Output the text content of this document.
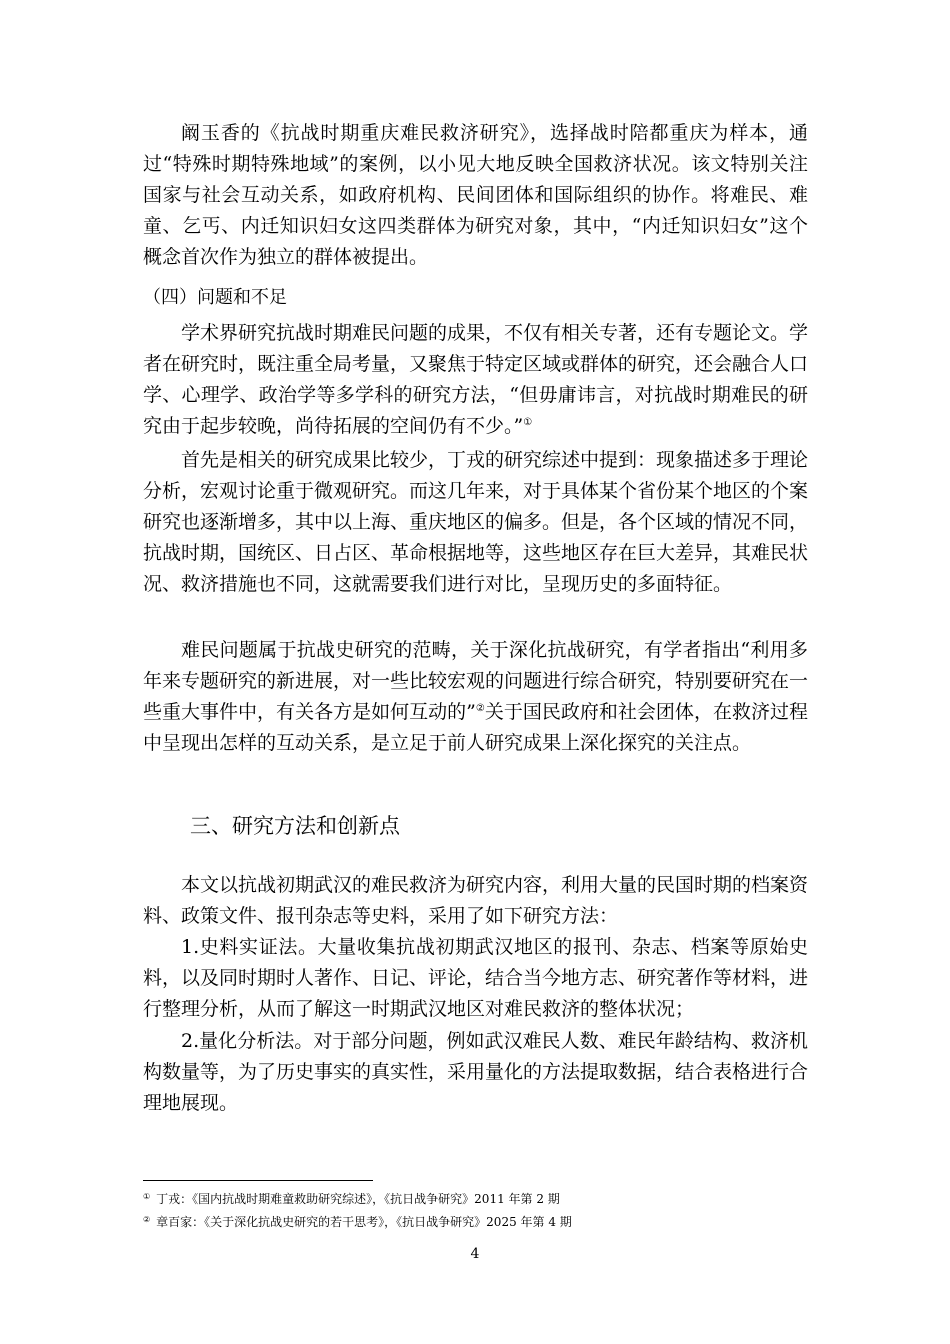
阚玉香的《抗战时期重庆难民救济研究》，选择战时陪都重庆为样本，通过“特殊时期特殊地域”的案例，以小见大地反映全国救济状况。该文特别关注国家与社会互动关系，如政府机构、民间团体和国际组织的协作。将难民、难童、乞丐、内迁知识妇女这四类群体为研究对象，其中，“内迁知识妇女”这个概念首次作为独立的群体被提出。

（四）问题和不足

学术界研究抗战时期难民问题的成果，不仅有相关专著，还有专题论文。学者在研究时，既注重全局考量，又聚焦于特定区域或群体的研究，还会融合人口学、心理学、政治学等多学科的研究方法，“但毋庸讳言，对抗战时期难民的研究由于起步较晚，尚待拓展的空间仍有不少。”①

首先是相关的研究成果比较少，丁戎的研究综述中提到：现象描述多于理论分析，宏观讨论重于微观研究。而这几年来，对于具体某个省份某个地区的个案研究也逐渐增多，其中以上海、重庆地区的偏多。但是，各个区域的情况不同，抗战时期，国统区、日占区、革命根据地等，这些地区存在巨大差异，其难民状况、救济措施也不同，这就需要我们进行对比，呈现历史的多面特征。

难民问题属于抗战史研究的范畴，关于深化抗战研究，有学者指出“利用多年来专题研究的新进展，对一些比较宏观的问题进行综合研究，特别要研究在一些重大事件中，有关各方是如何互动的”②关于国民政府和社会团体，在救济过程中呈现出怎样的互动关系，是立足于前人研究成果上深化探究的关注点。

三、研究方法和创新点

本文以抗战初期武汉的难民救济为研究内容，利用大量的民国时期的档案资料、政策文件、报刊杂志等史料，采用了如下研究方法：

1.史料实证法。大量收集抗战初期武汉地区的报刊、杂志、档案等原始史料，以及同时期时人著作、日记、评论，结合当今地方志、研究著作等材料，进行整理分析，从而了解这一时期武汉地区对难民救济的整体状况；

2.量化分析法。对于部分问题，例如武汉难民人数、难民年龄结构、救济机构数量等，为了历史事实的真实性，采用量化的方法提取数据，结合表格进行合理地展现。

① 丁戎：《国内抗战时期难童救助研究综述》，《抗日战争研究》2011 年第 2 期
② 章百家：《关于深化抗战史研究的若干思考》，《抗日战争研究》2025 年第 4 期
4
